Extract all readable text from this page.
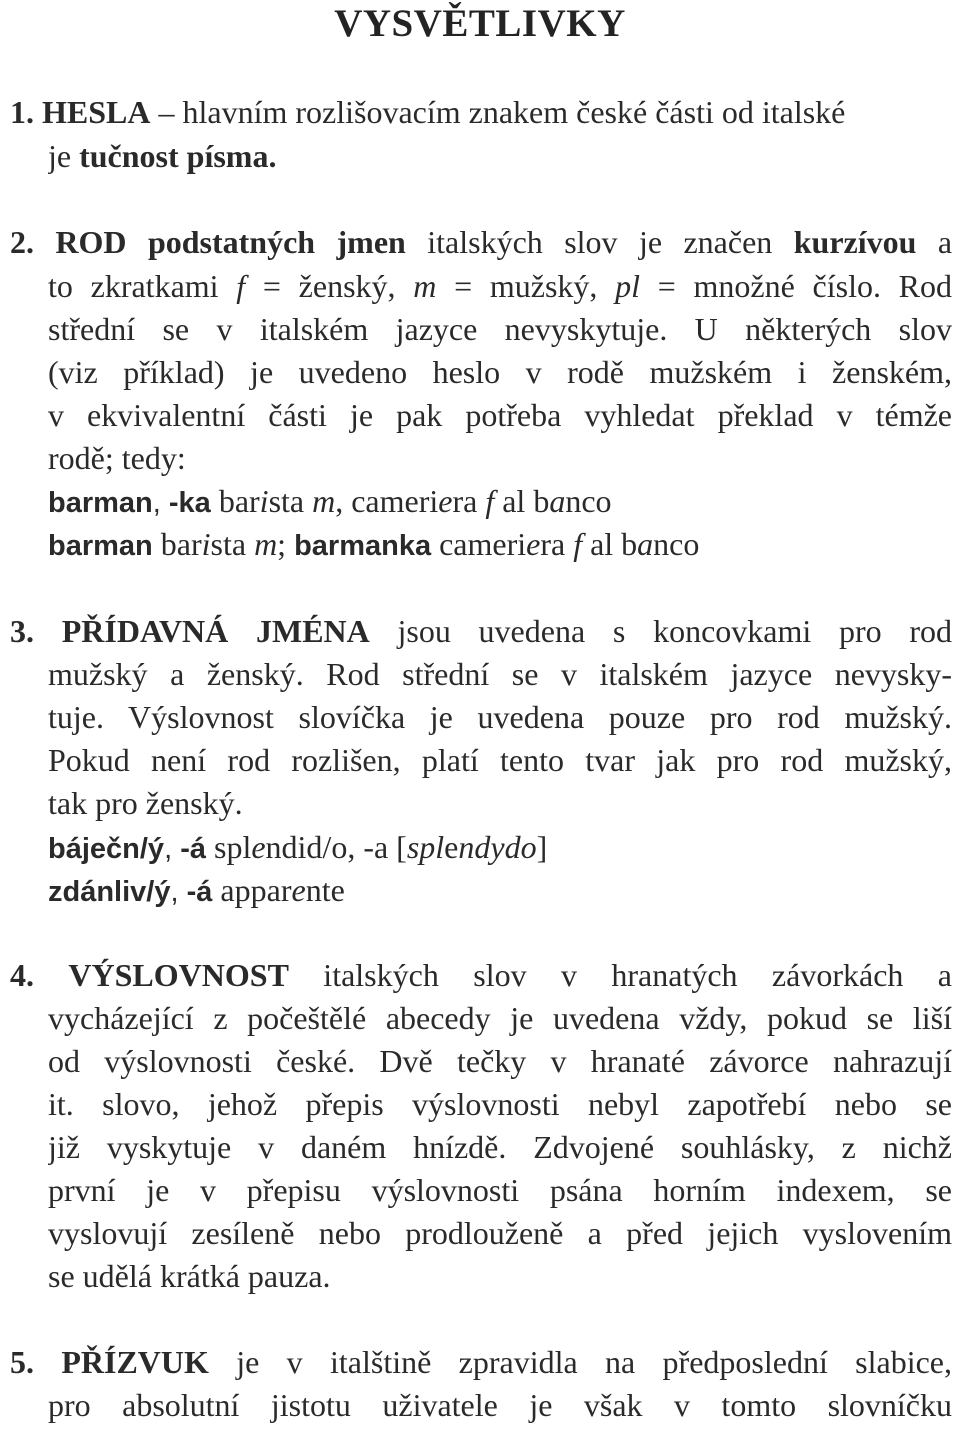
VYSVĚTLIVKY
1. HESLA – hlavním rozlišovacím znakem české části od italské
je tučnost písma.
2. ROD podstatných jmen italských slov je značen kurzívou a
to zkratkami f = ženský, m = mužský, pl = množné číslo. Rod
střední se v italském jazyce nevyskytuje. U některých slov
(viz příklad) je uvedeno heslo v rodě mužském i ženském,
v ekvivalentní části je pak potřeba vyhledat překlad v témže
rodě; tedy:
barman, -ka barista m, cameriera f al banco
barman barista m; barmanka cameriera f al banco
3. PŘÍDAVNÁ JMÉNA jsou uvedena s koncovkami pro rod
mužský a ženský. Rod střední se v italském jazyce nevysky-
tuje. Výslovnost slovíčka je uvedena pouze pro rod mužský.
Pokud není rod rozlišen, platí tento tvar jak pro rod mužský,
tak pro ženský.
báječn/ý, -á splendid/o, -a [splendydo]
zdánliv/ý, -á apparente
4. VÝSLOVNOST italských slov v hranatých závorkách a
vycházející z počeštělé abecedy je uvedena vždy, pokud se liší
od výslovnosti české. Dvě tečky v hranaté závorce nahrazují
it. slovo, jehož přepis výslovnosti nebyl zapotřebí nebo se
již vyskytuje v daném hnízdě. Zdvojené souhlásky, z nichž
první je v přepisu výslovnosti psána horním indexem, se
vyslovují zesíleně nebo prodlouženě a před jejich vyslovením
se udělá krátká pauza.
5. PŘÍZVUK je v italštině zpravidla na předposlední slabice,
pro absolutní jistotu uživatele je však v tomto slovníčku
